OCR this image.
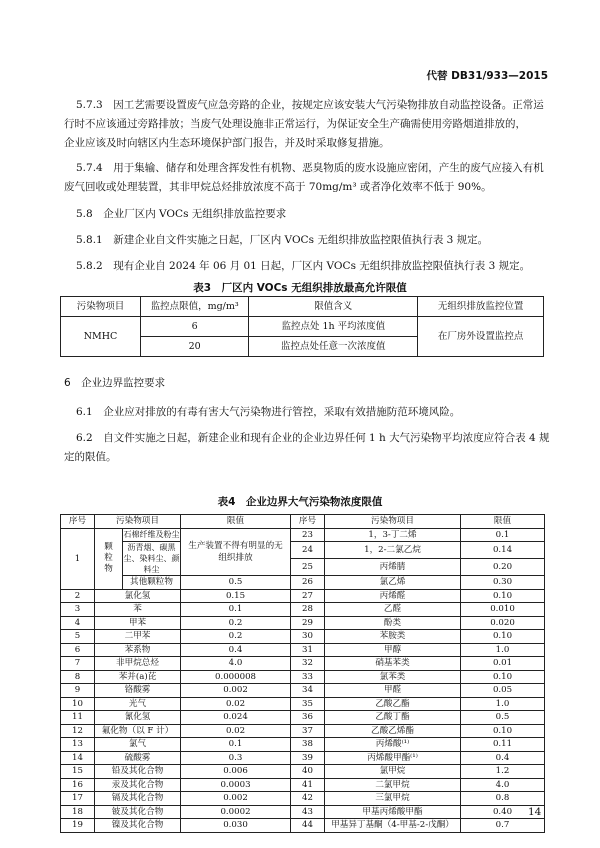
代替 DB31/933—2015
5.7.3　因工艺需要设置废气应急旁路的企业，按规定应该安装大气污染物排放自动监控设备。正常运
行时不应该通过旁路排放；当废气处理设施非正常运行，为保证安全生产确需使用旁路烟道排放的，
企业应该及时向辖区内生态环境保护部门报告，并及时采取修复措施。
5.7.4　用于集输、储存和处理含挥发性有机物、恶臭物质的废水设施应密闭，产生的废气应接入有机
废气回收或处理装置，其非甲烷总烃排放浓度不高于 70mg/m³ 或者净化效率不低于 90%。
5.8　企业厂区内 VOCs 无组织排放监控要求
5.8.1　新建企业自文件实施之日起，厂区内 VOCs 无组织排放监控限值执行表 3 规定。
5.8.2　现有企业自 2024 年 06 月 01 日起，厂区内 VOCs 无组织排放监控限值执行表 3 规定。
表3　厂区内 VOCs 无组织排放最高允许限值
污染物项目	监控点限值，mg/m³	限值含义	无组织排放监控位置
NMHC	6	监控点处 1h 平均浓度值	在厂房外设置监控点
	20	监控点处任意一次浓度值	
6　企业边界监控要求
6.1　企业应对排放的有毒有害大气污染物进行管控，采取有效措施防范环境风险。
6.2　自文件实施之日起，新建企业和现有企业的企业边界任何 1 h 大气污染物平均浓度应符合表 4 规
定的限值。
表4　企业边界大气污染物浓度限值
序号	污染物项目		限值	序号	污染物项目	限值
1	颗粒物	石棉纤维及粉尘	生产装置不得有明显的无组织排放	23	1，3-丁二烯	0.1
		沥青烟、碳黑尘、染料尘、颜料尘		24	1，2-二氯乙烷	0.14
				25	丙烯腈	0.20
		其他颗粒物	0.5	26	氯乙烯	0.30
2	氯化氢		0.15	27	丙烯醛	0.10
3	苯		0.1	28	乙醛	0.010
4	甲苯		0.2	29	酚类	0.020
5	二甲苯		0.2	30	苯胺类	0.10
6	苯系物		0.4	31	甲醇	1.0
7	非甲烷总烃		4.0	32	硝基苯类	0.01
8	苯并(a)芘		0.000008	33	氯苯类	0.10
9	铬酸雾		0.002	34	甲醛	0.05
10	光气		0.02	35	乙酸乙酯	1.0
11	氰化氢		0.024	36	乙酸丁酯	0.5
12	氟化物（以 F 计）		0.02	37	乙酸乙烯酯	0.10
13	氯气		0.1	38	丙烯酸⁽¹⁾	0.11
14	硫酸雾		0.3	39	丙烯酸甲酯⁽¹⁾	0.4
15	铅及其化合物		0.006	40	氯甲烷	1.2
16	汞及其化合物		0.0003	41	二氯甲烷	4.0
17	镉及其化合物		0.002	42	三氯甲烷	0.8
18	铍及其化合物		0.0002	43	甲基丙烯酸甲酯	0.40
19	镍及其化合物		0.030	44	甲基异丁基酮（4-甲基-2-戊酮）	0.7
14
